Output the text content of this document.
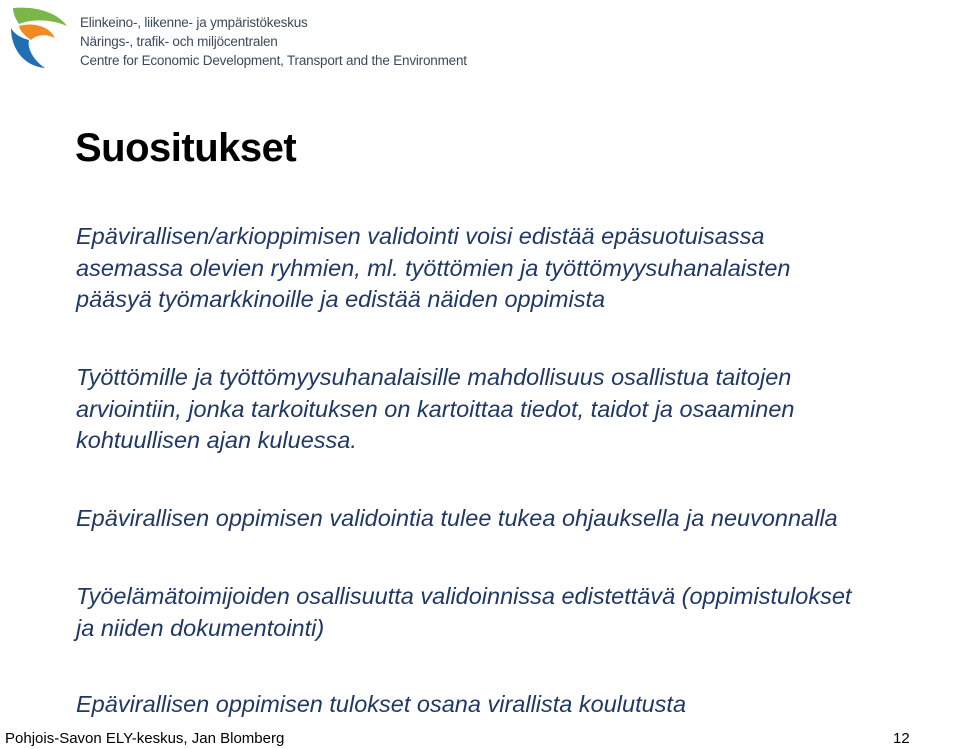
Elinkeino-, liikenne- ja ympäristökeskus
Närings-, trafik- och miljöcentralen
Centre for Economic Development, Transport and the Environment
Suositukset

Epävirallisen/arkioppimisen validointi voisi edistää epäsuotuisassa
asemassa olevien ryhmien, ml. työttömien ja työttömyysuhanalaisten
pääsyä työmarkkinoille ja edistää näiden oppimista

Työttömille ja työttömyysuhanalaisille mahdollisuus osallistua taitojen
arviointiin, jonka tarkoituksen on kartoittaa tiedot, taidot ja osaaminen
kohtuullisen ajan kuluessa.

Epävirallisen oppimisen validointia tulee tukea ohjauksella ja neuvonnalla

Työelämätoimijoiden osallisuutta validoinnissa edistettävä (oppimistulokset
ja niiden dokumentointi)

Epävirallisen oppimisen tulokset osana virallista koulutusta

Pohjois-Savon ELY-keskus, Jan Blomberg	12
